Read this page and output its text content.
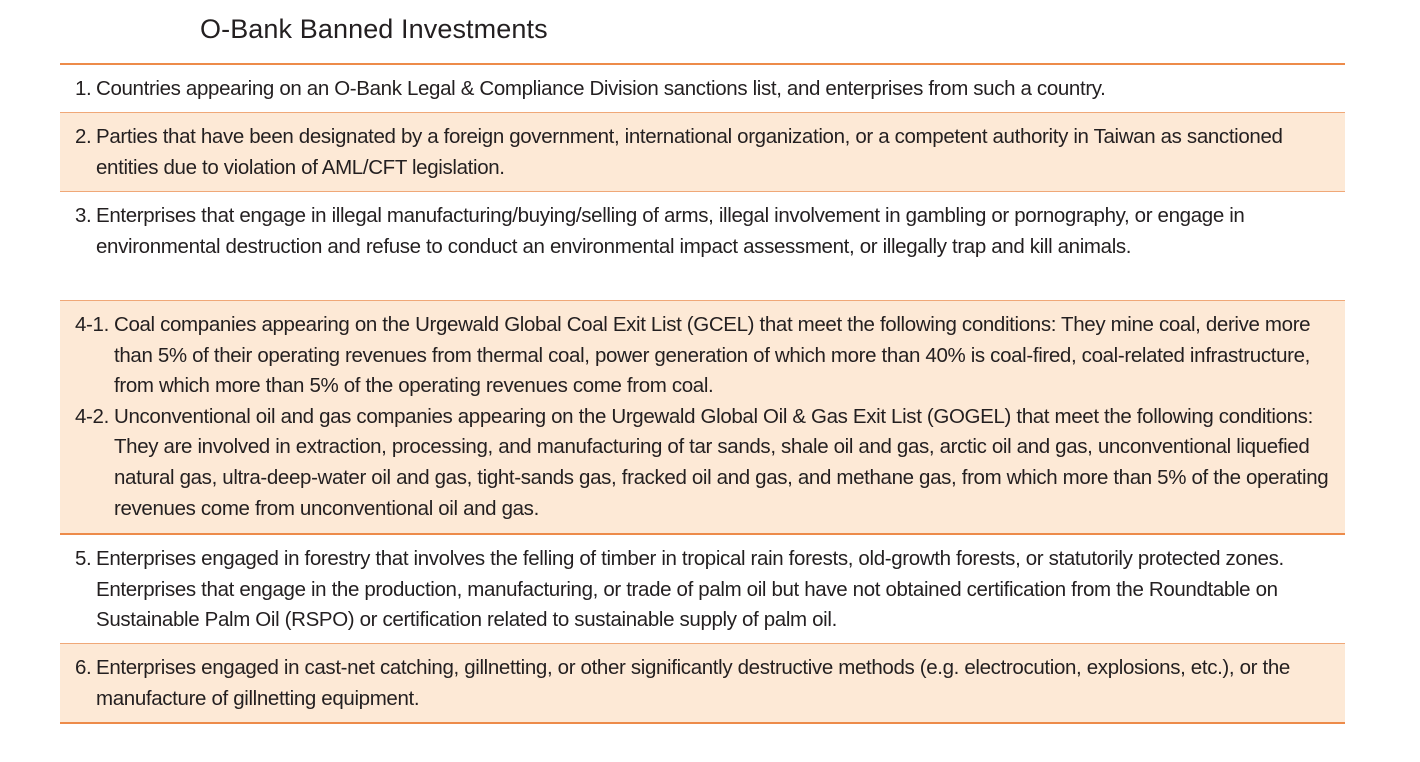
O-Bank Banned Investments
1. Countries appearing on an O-Bank Legal & Compliance Division sanctions list, and enterprises from such a country.
2. Parties that have been designated by a foreign government, international organization, or a competent authority in Taiwan as sanctioned entities due to violation of AML/CFT legislation.
3. Enterprises that engage in illegal manufacturing/buying/selling of arms, illegal involvement in gambling or pornography, or engage in environmental destruction and refuse to conduct an environmental impact assessment, or illegally trap and kill animals.
4-1. Coal companies appearing on the Urgewald Global Coal Exit List (GCEL) that meet the following conditions: They mine coal, derive more than 5% of their operating revenues from thermal coal, power generation of which more than 40% is coal-fired, coal-related infrastructure, from which more than 5% of the operating revenues come from coal.
4-2. Unconventional oil and gas companies appearing on the Urgewald Global Oil & Gas Exit List (GOGEL) that meet the following conditions: They are involved in extraction, processing, and manufacturing of tar sands, shale oil and gas, arctic oil and gas, unconventional liquefied natural gas, ultra-deep-water oil and gas, tight-sands gas, fracked oil and gas, and methane gas, from which more than 5% of the operating revenues come from unconventional oil and gas.
5. Enterprises engaged in forestry that involves the felling of timber in tropical rain forests, old-growth forests, or statutorily protected zones. Enterprises that engage in the production, manufacturing, or trade of palm oil but have not obtained certification from the Roundtable on Sustainable Palm Oil (RSPO) or certification related to sustainable supply of palm oil.
6. Enterprises engaged in cast-net catching, gillnetting, or other significantly destructive methods (e.g. electrocution, explosions, etc.), or the manufacture of gillnetting equipment.
